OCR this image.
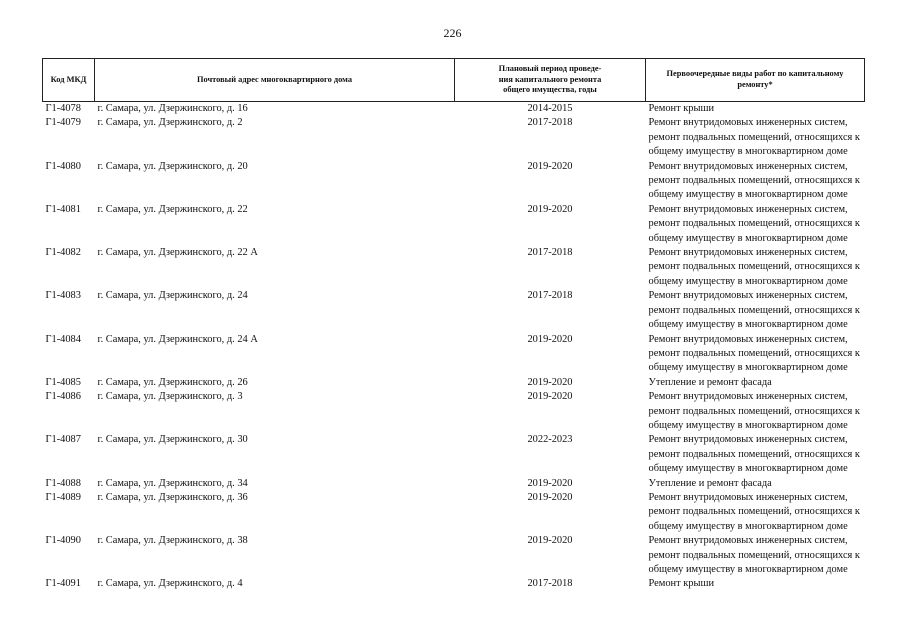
226
Код МКД	Почтовый адрес многоквартирного дома	Плановый период проведе-
ния капитального ремонта
общего имущества, годы	Первоочередные виды работ по капитальному
ремонту*

Г1-4078	г. Самара, ул. Дзержинского, д. 16	2014-2015	Ремонт крыши

Г1-4079	г. Самара, ул. Дзержинского, д. 2	2017-2018	Ремонт внутридомовых инженерных систем,
ремонт подвальных помещений, относящихся к
общему имуществу в многоквартирном доме

Г1-4080	г. Самара, ул. Дзержинского, д. 20	2019-2020	Ремонт внутридомовых инженерных систем,
ремонт подвальных помещений, относящихся к
общему имуществу в многоквартирном доме

Г1-4081	г. Самара, ул. Дзержинского, д. 22	2019-2020	Ремонт внутридомовых инженерных систем,
ремонт подвальных помещений, относящихся к
общему имуществу в многоквартирном доме

Г1-4082	г. Самара, ул. Дзержинского, д. 22 А	2017-2018	Ремонт внутридомовых инженерных систем,
ремонт подвальных помещений, относящихся к
общему имуществу в многоквартирном доме

Г1-4083	г. Самара, ул. Дзержинского, д. 24	2017-2018	Ремонт внутридомовых инженерных систем,
ремонт подвальных помещений, относящихся к
общему имуществу в многоквартирном доме

Г1-4084	г. Самара, ул. Дзержинского, д. 24 А	2019-2020	Ремонт внутридомовых инженерных систем,
ремонт подвальных помещений, относящихся к
общему имуществу в многоквартирном доме

Г1-4085	г. Самара, ул. Дзержинского, д. 26	2019-2020	Утепление и ремонт фасада

Г1-4086	г. Самара, ул. Дзержинского, д. 3	2019-2020	Ремонт внутридомовых инженерных систем,
ремонт подвальных помещений, относящихся к
общему имуществу в многоквартирном доме

Г1-4087	г. Самара, ул. Дзержинского, д. 30	2022-2023	Ремонт внутридомовых инженерных систем,
ремонт подвальных помещений, относящихся к
общему имуществу в многоквартирном доме

Г1-4088	г. Самара, ул. Дзержинского, д. 34	2019-2020	Утепление и ремонт фасада

Г1-4089	г. Самара, ул. Дзержинского, д. 36	2019-2020	Ремонт внутридомовых инженерных систем,
ремонт подвальных помещений, относящихся к
общему имуществу в многоквартирном доме

Г1-4090	г. Самара, ул. Дзержинского, д. 38	2019-2020	Ремонт внутридомовых инженерных систем,
ремонт подвальных помещений, относящихся к
общему имуществу в многоквартирном доме

Г1-4091	г. Самара, ул. Дзержинского, д. 4	2017-2018	Ремонт крыши
